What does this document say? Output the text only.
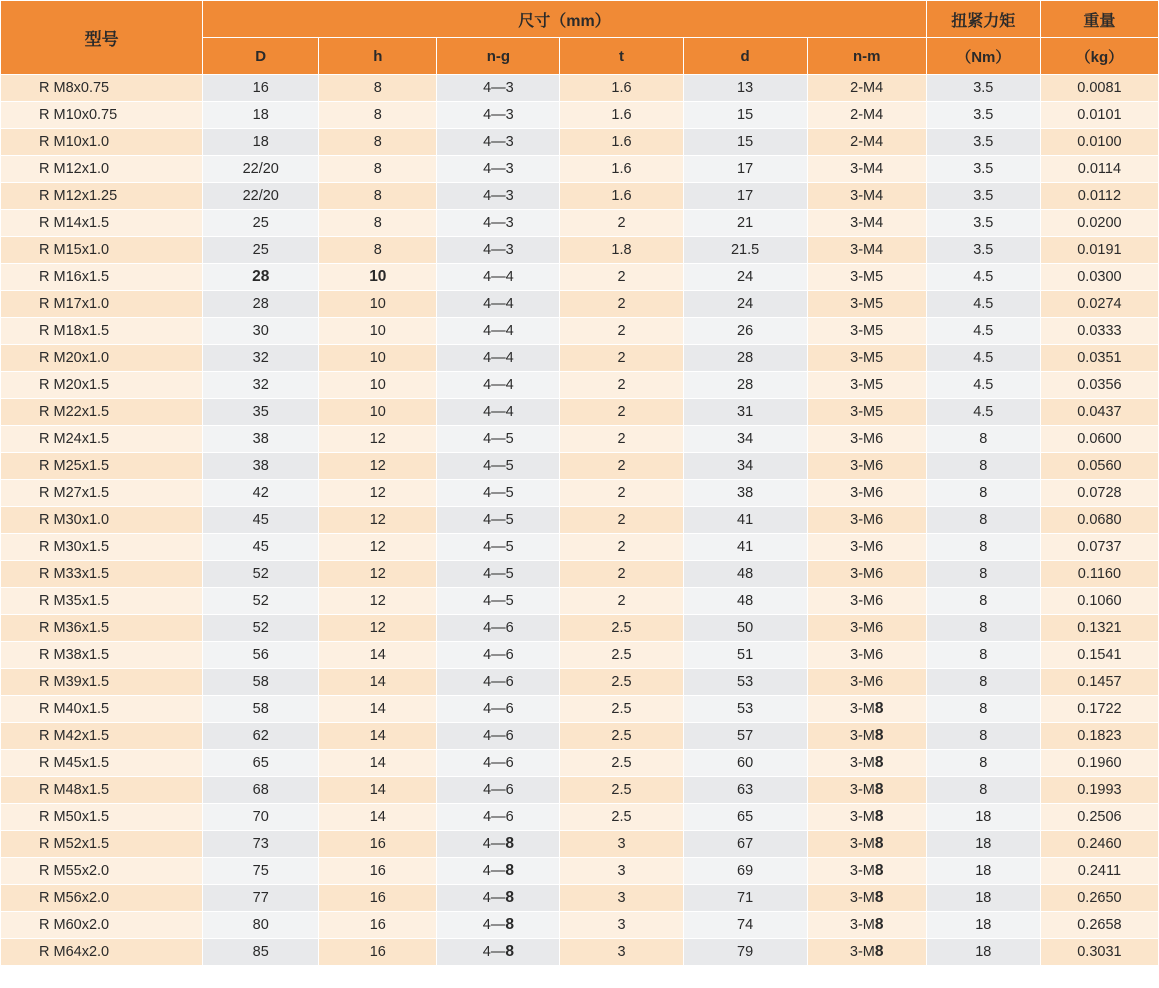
型号	尺寸（mm）						扭紧力矩	重量
	D	h	n-g	t	d	n-m	（Nm）	（kg）
R M8x0.75	16	8	4—3	1.6	13	2-M4	3.5	0.0081
R M10x0.75	18	8	4—3	1.6	15	2-M4	3.5	0.0101
R M10x1.0	18	8	4—3	1.6	15	2-M4	3.5	0.0100
R M12x1.0	22/20	8	4—3	1.6	17	3-M4	3.5	0.0114
R M12x1.25	22/20	8	4—3	1.6	17	3-M4	3.5	0.0112
R M14x1.5	25	8	4—3	2	21	3-M4	3.5	0.0200
R M15x1.0	25	8	4—3	1.8	21.5	3-M4	3.5	0.0191
R M16x1.5	28	10	4—4	2	24	3-M5	4.5	0.0300
R M17x1.0	28	10	4—4	2	24	3-M5	4.5	0.0274
R M18x1.5	30	10	4—4	2	26	3-M5	4.5	0.0333
R M20x1.0	32	10	4—4	2	28	3-M5	4.5	0.0351
R M20x1.5	32	10	4—4	2	28	3-M5	4.5	0.0356
R M22x1.5	35	10	4—4	2	31	3-M5	4.5	0.0437
R M24x1.5	38	12	4—5	2	34	3-M6	8	0.0600
R M25x1.5	38	12	4—5	2	34	3-M6	8	0.0560
R M27x1.5	42	12	4—5	2	38	3-M6	8	0.0728
R M30x1.0	45	12	4—5	2	41	3-M6	8	0.0680
R M30x1.5	45	12	4—5	2	41	3-M6	8	0.0737
R M33x1.5	52	12	4—5	2	48	3-M6	8	0.1160
R M35x1.5	52	12	4—5	2	48	3-M6	8	0.1060
R M36x1.5	52	12	4—6	2.5	50	3-M6	8	0.1321
R M38x1.5	56	14	4—6	2.5	51	3-M6	8	0.1541
R M39x1.5	58	14	4—6	2.5	53	3-M6	8	0.1457
R M40x1.5	58	14	4—6	2.5	53	3-M8	8	0.1722
R M42x1.5	62	14	4—6	2.5	57	3-M8	8	0.1823
R M45x1.5	65	14	4—6	2.5	60	3-M8	8	0.1960
R M48x1.5	68	14	4—6	2.5	63	3-M8	8	0.1993
R M50x1.5	70	14	4—6	2.5	65	3-M8	18	0.2506
R M52x1.5	73	16	4—8	3	67	3-M8	18	0.2460
R M55x2.0	75	16	4—8	3	69	3-M8	18	0.2411
R M56x2.0	77	16	4—8	3	71	3-M8	18	0.2650
R M60x2.0	80	16	4—8	3	74	3-M8	18	0.2658
R M64x2.0	85	16	4—8	3	79	3-M8	18	0.3031
